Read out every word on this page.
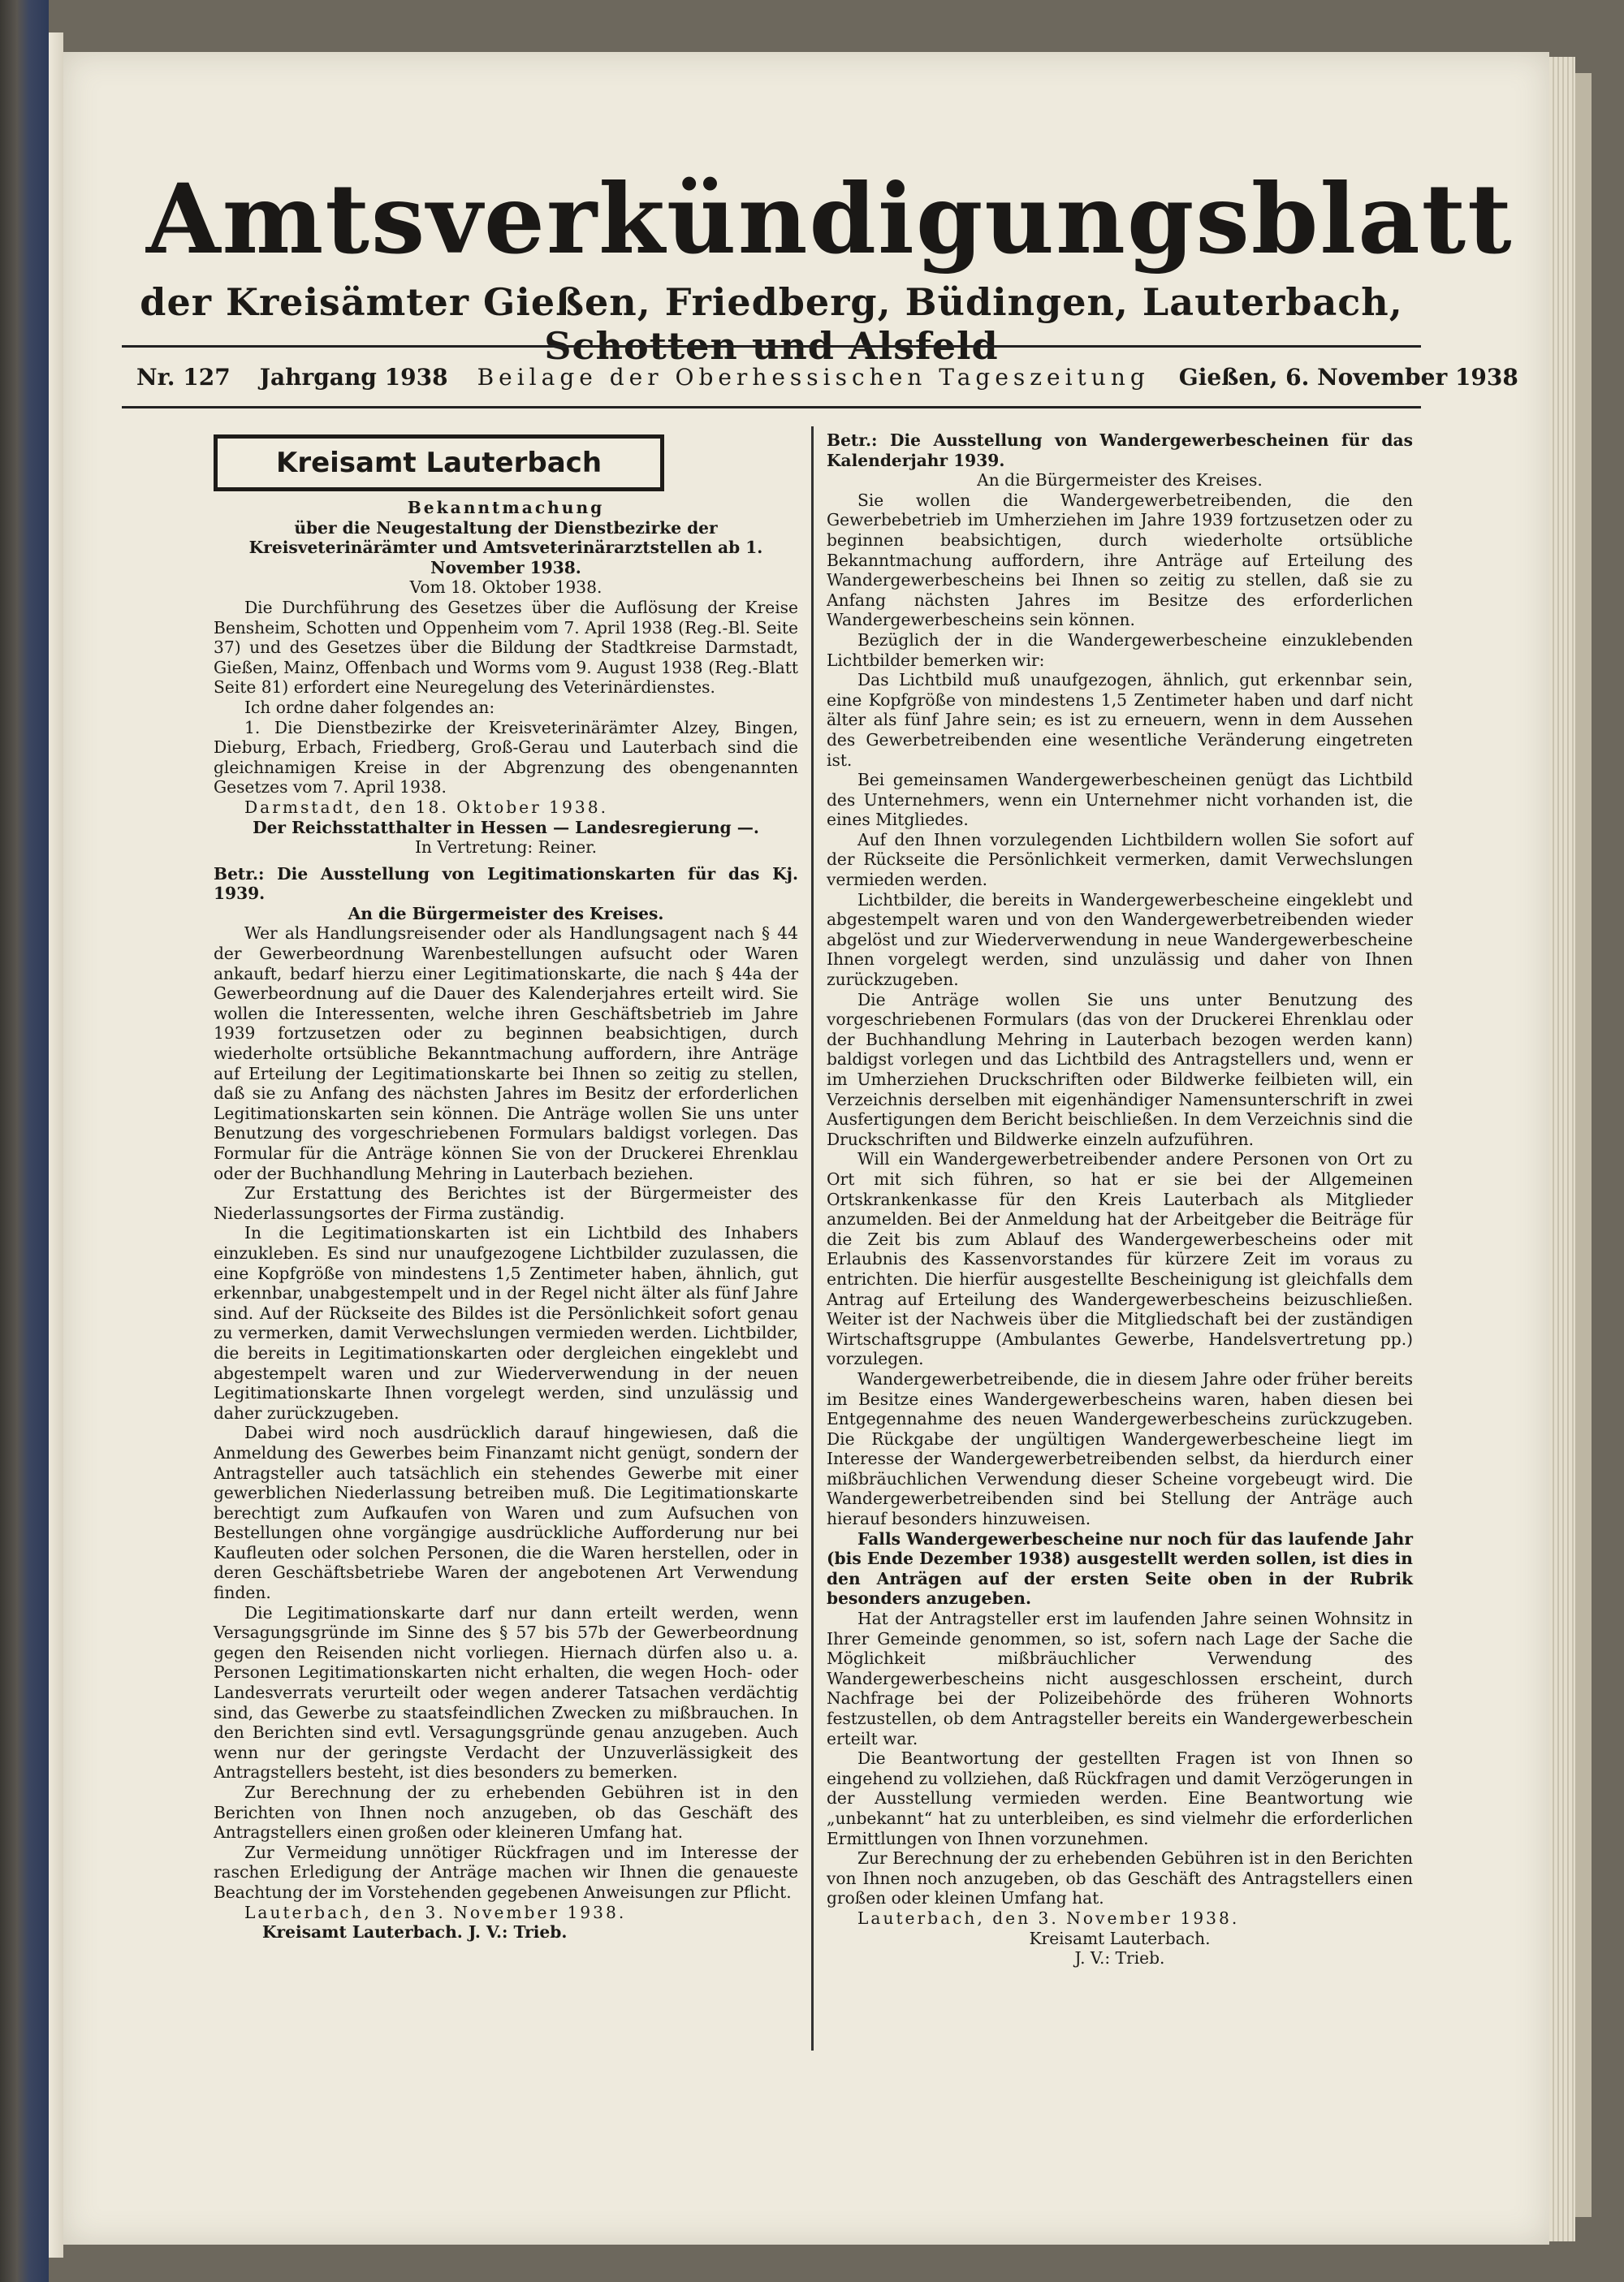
Amtsverkündigungsblatt
der Kreisämter Gießen, Friedberg, Büdingen, Lauterbach, Schotten und Alsfeld
Nr. 127	Jahrgang 1938	Beilage der Oberhessischen Tageszeitung	Gießen, 6. November 1938
Kreisamt Lauterbach

Bekanntmachung

über die Neugestaltung der Dienstbezirke der Kreisveterinärämter und Amtsveterinärarztstellen ab 1. November 1938.

Vom 18. Oktober 1938.

Die Durchführung des Gesetzes über die Auflösung der Kreise Bensheim, Schotten und Oppenheim vom 7. April 1938 (Reg.-Bl. Seite 37) und des Gesetzes über die Bildung der Stadtkreise Darmstadt, Gießen, Mainz, Offenbach und Worms vom 9. August 1938 (Reg.-Blatt Seite 81) erfordert eine Neuregelung des Veterinärdienstes.

Ich ordne daher folgendes an:

1. Die Dienstbezirke der Kreisveterinärämter Alzey, Bingen, Dieburg, Erbach, Friedberg, Groß-Gerau und Lauterbach sind die gleichnamigen Kreise in der Abgrenzung des obengenannten Gesetzes vom 7. April 1938.

Darmstadt, den 18. Oktober 1938.

Der Reichsstatthalter in Hessen — Landesregierung —.

In Vertretung: Reiner.

Betr.: Die Ausstellung von Legitimationskarten für das Kj. 1939.

An die Bürgermeister des Kreises.

Wer als Handlungsreisender oder als Handlungsagent nach § 44 der Gewerbeordnung Warenbestellungen aufsucht oder Waren ankauft, bedarf hierzu einer Legitimationskarte, die nach § 44a der Gewerbeordnung auf die Dauer des Kalenderjahres erteilt wird. Sie wollen die Interessenten, welche ihren Geschäftsbetrieb im Jahre 1939 fortzusetzen oder zu beginnen beabsichtigen, durch wiederholte ortsübliche Bekanntmachung auffordern, ihre Anträge auf Erteilung der Legitimationskarte bei Ihnen so zeitig zu stellen, daß sie zu Anfang des nächsten Jahres im Besitz der erforderlichen Legitimationskarten sein können. Die Anträge wollen Sie uns unter Benutzung des vorgeschriebenen Formulars baldigst vorlegen. Das Formular für die Anträge können Sie von der Druckerei Ehrenklau oder der Buchhandlung Mehring in Lauterbach beziehen.

Zur Erstattung des Berichtes ist der Bürgermeister des Niederlassungsortes der Firma zuständig.

In die Legitimationskarten ist ein Lichtbild des Inhabers einzukleben. Es sind nur unaufgezogene Lichtbilder zuzulassen, die eine Kopfgröße von mindestens 1,5 Zentimeter haben, ähnlich, gut erkennbar, unabgestempelt und in der Regel nicht älter als fünf Jahre sind. Auf der Rückseite des Bildes ist die Persönlichkeit sofort genau zu vermerken, damit Verwechslungen vermieden werden. Lichtbilder, die bereits in Legitimationskarten oder dergleichen eingeklebt und abgestempelt waren und zur Wiederverwendung in der neuen Legitimationskarte Ihnen vorgelegt werden, sind unzulässig und daher zurückzugeben.

Dabei wird noch ausdrücklich darauf hingewiesen, daß die Anmeldung des Gewerbes beim Finanzamt nicht genügt, sondern der Antragsteller auch tatsächlich ein stehendes Gewerbe mit einer gewerblichen Niederlassung betreiben muß. Die Legitimationskarte berechtigt zum Aufkaufen von Waren und zum Aufsuchen von Bestellungen ohne vorgängige ausdrückliche Aufforderung nur bei Kaufleuten oder solchen Personen, die die Waren herstellen, oder in deren Geschäftsbetriebe Waren der angebotenen Art Verwendung finden.

Die Legitimationskarte darf nur dann erteilt werden, wenn Versagungsgründe im Sinne des § 57 bis 57b der Gewerbeordnung gegen den Reisenden nicht vorliegen. Hiernach dürfen also u. a. Personen Legitimationskarten nicht erhalten, die wegen Hoch- oder Landesverrats verurteilt oder wegen anderer Tatsachen verdächtig sind, das Gewerbe zu staatsfeindlichen Zwecken zu mißbrauchen. In den Berichten sind evtl. Versagungsgründe genau anzugeben. Auch wenn nur der geringste Verdacht der Unzuverlässigkeit des Antragstellers besteht, ist dies besonders zu bemerken.

Zur Berechnung der zu erhebenden Gebühren ist in den Berichten von Ihnen noch anzugeben, ob das Geschäft des Antragstellers einen großen oder kleineren Umfang hat.

Zur Vermeidung unnötiger Rückfragen und im Interesse der raschen Erledigung der Anträge machen wir Ihnen die genaueste Beachtung der im Vorstehenden gegebenen Anweisungen zur Pflicht.

Lauterbach, den 3. November 1938.

Kreisamt Lauterbach. J. V.: Trieb.

Betr.: Die Ausstellung von Wandergewerbescheinen für das Kalenderjahr 1939.

An die Bürgermeister des Kreises.

Sie wollen die Wandergewerbetreibenden, die den Gewerbebetrieb im Umherziehen im Jahre 1939 fortzusetzen oder zu beginnen beabsichtigen, durch wiederholte ortsübliche Bekanntmachung auffordern, ihre Anträge auf Erteilung des Wandergewerbescheins bei Ihnen so zeitig zu stellen, daß sie zu Anfang nächsten Jahres im Besitze des erforderlichen Wandergewerbescheins sein können.

Bezüglich der in die Wandergewerbescheine einzuklebenden Lichtbilder bemerken wir:

Das Lichtbild muß unaufgezogen, ähnlich, gut erkennbar sein, eine Kopfgröße von mindestens 1,5 Zentimeter haben und darf nicht älter als fünf Jahre sein; es ist zu erneuern, wenn in dem Aussehen des Gewerbetreibenden eine wesentliche Veränderung eingetreten ist.

Bei gemeinsamen Wandergewerbescheinen genügt das Lichtbild des Unternehmers, wenn ein Unternehmer nicht vorhanden ist, die eines Mitgliedes.

Auf den Ihnen vorzulegenden Lichtbildern wollen Sie sofort auf der Rückseite die Persönlichkeit vermerken, damit Verwechslungen vermieden werden.

Lichtbilder, die bereits in Wandergewerbescheine eingeklebt und abgestempelt waren und von den Wandergewerbetreibenden wieder abgelöst und zur Wiederverwendung in neue Wandergewerbescheine Ihnen vorgelegt werden, sind unzulässig und daher von Ihnen zurückzugeben.

Die Anträge wollen Sie uns unter Benutzung des vorgeschriebenen Formulars (das von der Druckerei Ehrenklau oder der Buchhandlung Mehring in Lauterbach bezogen werden kann) baldigst vorlegen und das Lichtbild des Antragstellers und, wenn er im Umherziehen Druckschriften oder Bildwerke feilbieten will, ein Verzeichnis derselben mit eigenhändiger Namensunterschrift in zwei Ausfertigungen dem Bericht beischließen. In dem Verzeichnis sind die Druckschriften und Bildwerke einzeln aufzuführen.

Will ein Wandergewerbetreibender andere Personen von Ort zu Ort mit sich führen, so hat er sie bei der Allgemeinen Ortskrankenkasse für den Kreis Lauterbach als Mitglieder anzumelden. Bei der Anmeldung hat der Arbeitgeber die Beiträge für die Zeit bis zum Ablauf des Wandergewerbescheins oder mit Erlaubnis des Kassenvorstandes für kürzere Zeit im voraus zu entrichten. Die hierfür ausgestellte Bescheinigung ist gleichfalls dem Antrag auf Erteilung des Wandergewerbescheins beizuschließen. Weiter ist der Nachweis über die Mitgliedschaft bei der zuständigen Wirtschaftsgruppe (Ambulantes Gewerbe, Handelsvertretung pp.) vorzulegen.

Wandergewerbetreibende, die in diesem Jahre oder früher bereits im Besitze eines Wandergewerbescheins waren, haben diesen bei Entgegennahme des neuen Wandergewerbescheins zurückzugeben. Die Rückgabe der ungültigen Wandergewerbescheine liegt im Interesse der Wandergewerbetreibenden selbst, da hierdurch einer mißbräuchlichen Verwendung dieser Scheine vorgebeugt wird. Die Wandergewerbetreibenden sind bei Stellung der Anträge auch hierauf besonders hinzuweisen.

Falls Wandergewerbescheine nur noch für das laufende Jahr (bis Ende Dezember 1938) ausgestellt werden sollen, ist dies in den Anträgen auf der ersten Seite oben in der Rubrik besonders anzugeben.

Hat der Antragsteller erst im laufenden Jahre seinen Wohnsitz in Ihrer Gemeinde genommen, so ist, sofern nach Lage der Sache die Möglichkeit mißbräuchlicher Verwendung des Wandergewerbescheins nicht ausgeschlossen erscheint, durch Nachfrage bei der Polizeibehörde des früheren Wohnorts festzustellen, ob dem Antragsteller bereits ein Wandergewerbeschein erteilt war.

Die Beantwortung der gestellten Fragen ist von Ihnen so eingehend zu vollziehen, daß Rückfragen und damit Verzögerungen in der Ausstellung vermieden werden. Eine Beantwortung wie „unbekannt“ hat zu unterbleiben, es sind vielmehr die erforderlichen Ermittlungen von Ihnen vorzunehmen.

Zur Berechnung der zu erhebenden Gebühren ist in den Berichten von Ihnen noch anzugeben, ob das Geschäft des Antragstellers einen großen oder kleinen Umfang hat.

Lauterbach, den 3. November 1938.

Kreisamt Lauterbach.

J. V.: Trieb.
